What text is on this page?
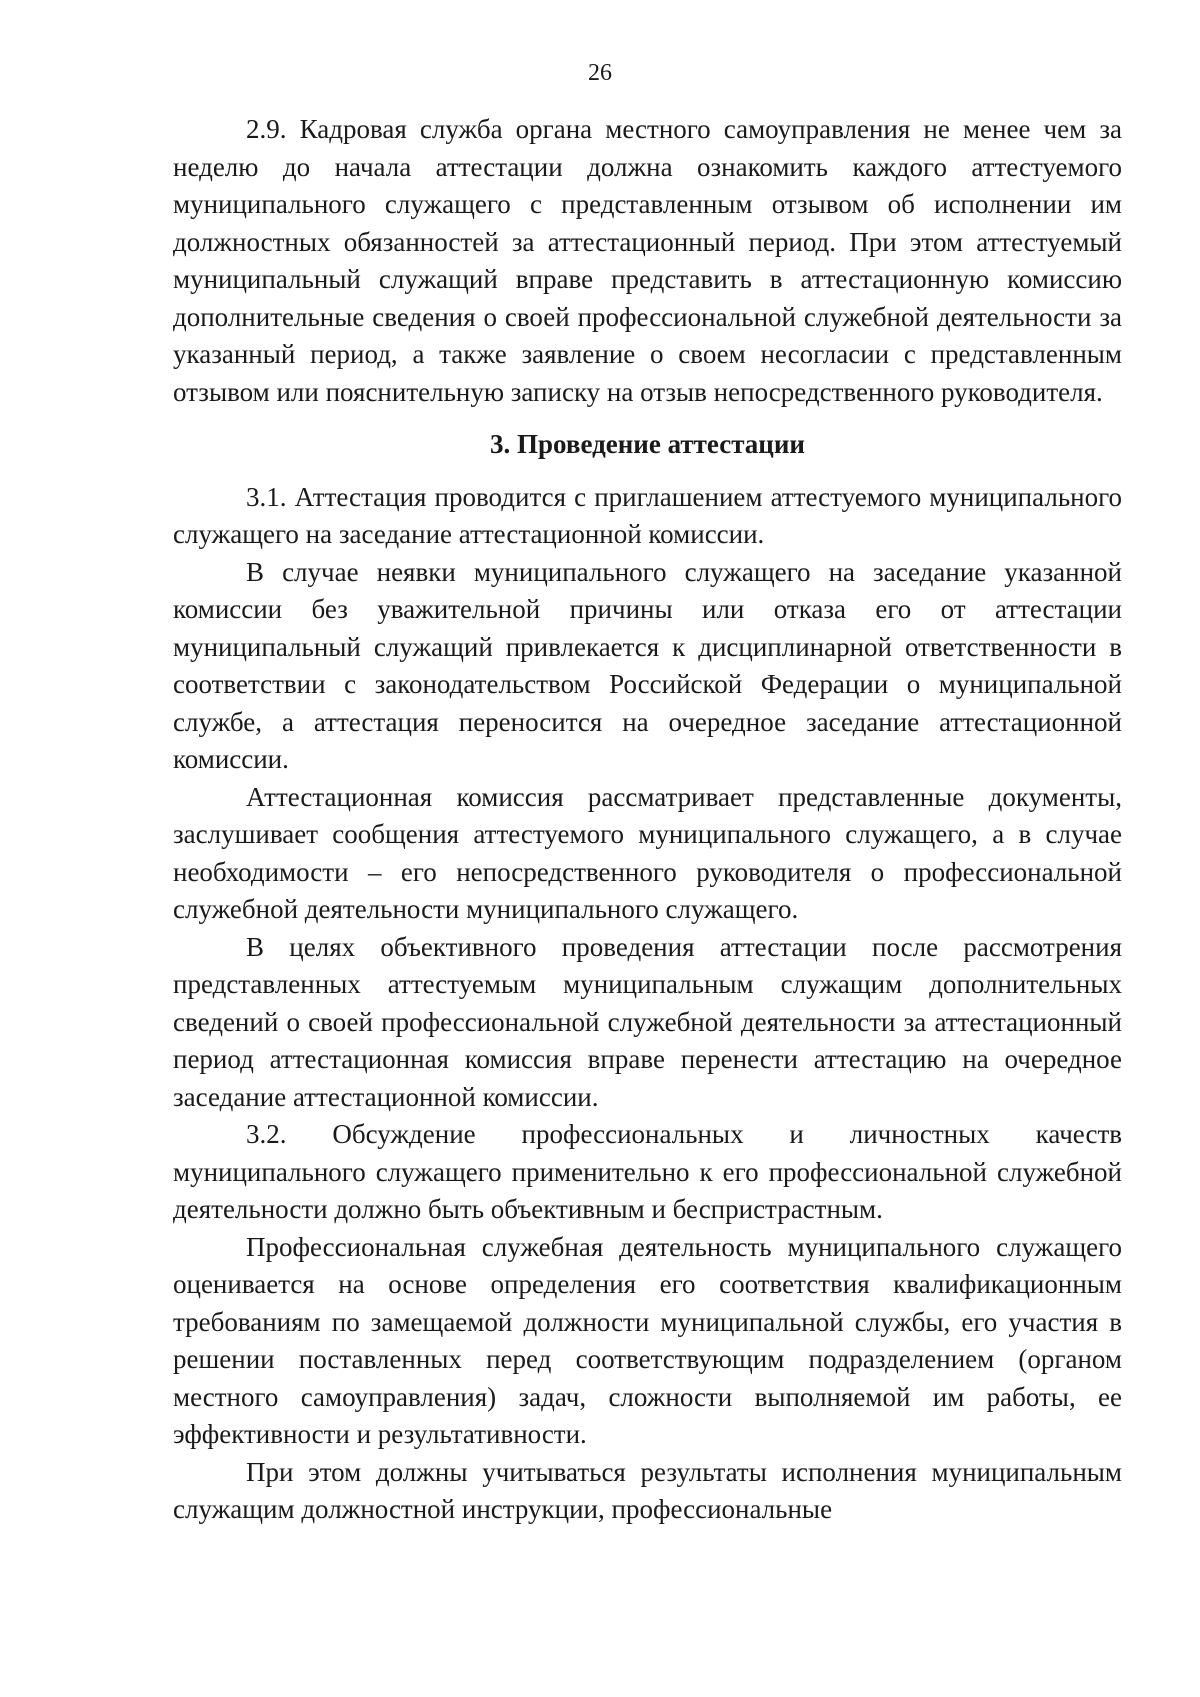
26

2.9. Кадровая служба органа местного самоуправления не менее чем за неделю до начала аттестации должна ознакомить каждого аттестуемого муниципального служащего с представленным отзывом об исполнении им должностных обязанностей за аттестационный период. При этом аттестуемый муниципальный служащий вправе представить в аттестационную комиссию дополнительные сведения о своей профессиональной служебной деятельности за указанный период, а также заявление о своем несогласии с представленным отзывом или пояснительную записку на отзыв непосредственного руководителя.

3. Проведение аттестации

3.1. Аттестация проводится с приглашением аттестуемого муниципального служащего на заседание аттестационной комиссии.

В случае неявки муниципального служащего на заседание указанной комиссии без уважительной причины или отказа его от аттестации муниципальный служащий привлекается к дисциплинарной ответственности в соответствии с законодательством Российской Федерации о муниципальной службе, а аттестация переносится на очередное заседание аттестационной комиссии.

Аттестационная комиссия рассматривает представленные документы, заслушивает сообщения аттестуемого муниципального служащего, а в случае необходимости – его непосредственного руководителя о профессиональной служебной деятельности муниципального служащего.

В целях объективного проведения аттестации после рассмотрения представленных аттестуемым муниципальным служащим дополнительных сведений о своей профессиональной служебной деятельности за аттестационный период аттестационная комиссия вправе перенести аттестацию на очередное заседание аттестационной комиссии.

3.2. Обсуждение профессиональных и личностных качеств муниципального служащего применительно к его профессиональной служебной деятельности должно быть объективным и беспристрастным.

Профессиональная служебная деятельность муниципального служащего оценивается на основе определения его соответствия квалификационным требованиям по замещаемой должности муниципальной службы, его участия в решении поставленных перед соответствующим подразделением (органом местного самоуправления) задач, сложности выполняемой им работы, ее эффективности и результативности.

При этом должны учитываться результаты исполнения муниципальным служащим должностной инструкции, профессиональные
